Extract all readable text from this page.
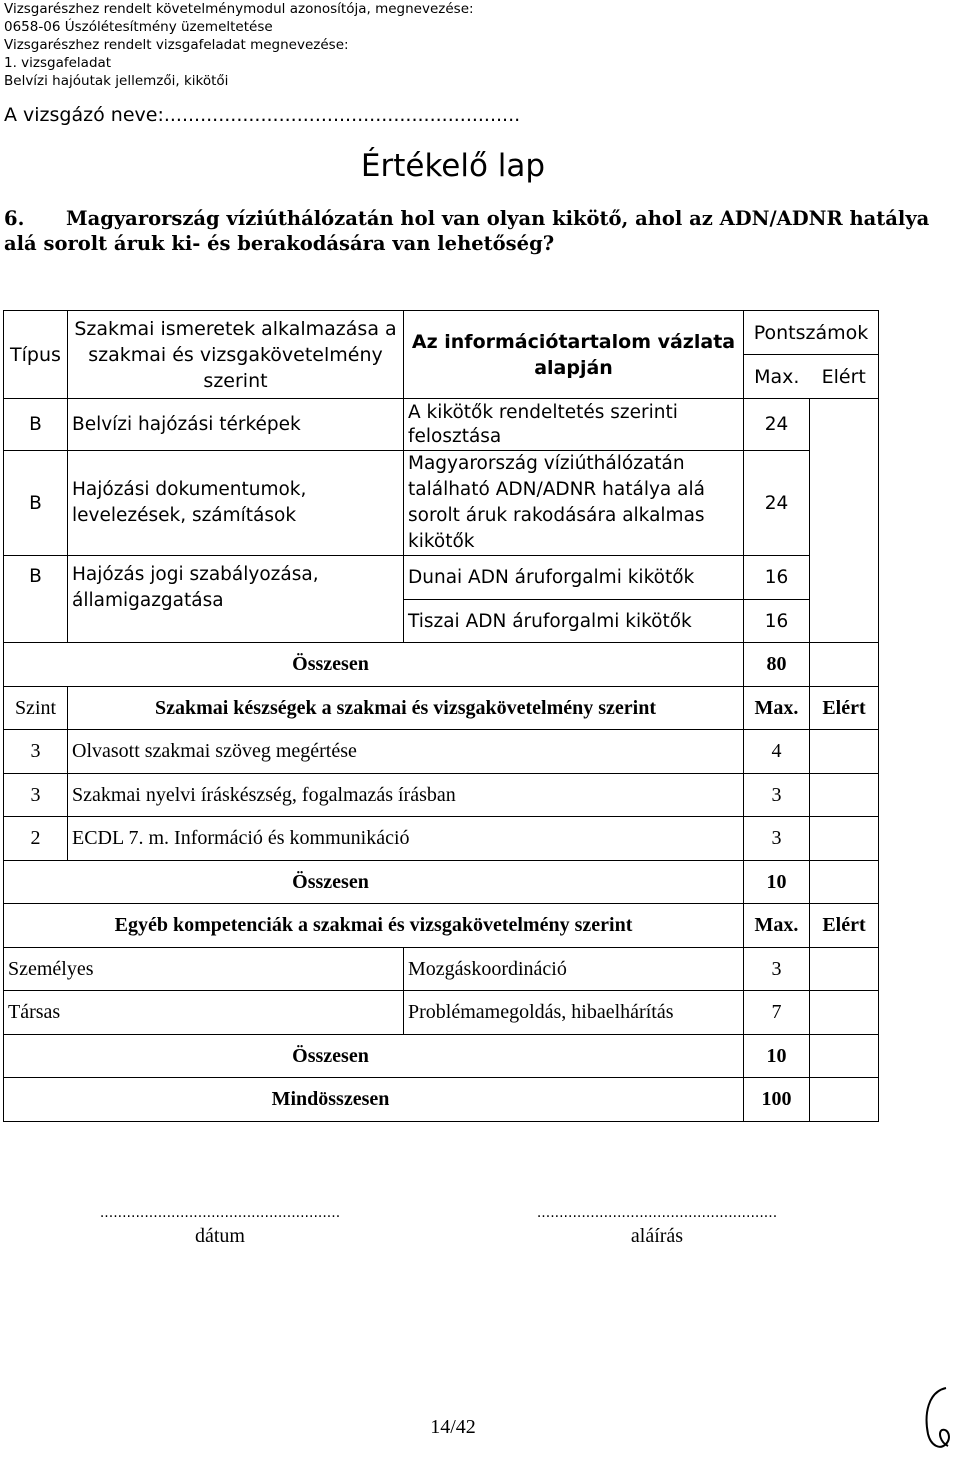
Vizsgarészhez rendelt követelménymodul azonosítója, megnevezése:
0658-06 Úszólétesítmény üzemeltetése
Vizsgarészhez rendelt vizsgafeladat megnevezése:
1. vizsgafeladat
Belvízi hajóutak jellemzői, kikötői
A vizsgázó neve:...........................................................
Értékelő lap
6. Magyarország víziúthálózatán hol van olyan kikötő, ahol az ADN/ADNR hatálya alá sorolt áruk ki- és berakodására van lehetőség?
Típus	Szakmai ismeretek alkalmazása a szakmai és vizsgakövetelmény szerint	Az információtartalom vázlata alapján	Pontszámok	
			Max.	Elért
B	Belvízi hajózási térképek	A kikötők rendeltetés szerinti felosztása	24	
B	Hajózási dokumentumok, levelezések, számítások	Magyarország víziúthálózatán található ADN/ADNR hatálya alá sorolt áruk rakodására alkalmas kikötők	24	
B	Hajózás jogi szabályozása, államigazgatása	Dunai ADN áruforgalmi kikötők	16	
		Tiszai ADN áruforgalmi kikötők	16	
Összesen			80	
Szint	Szakmai készségek a szakmai és vizsgakövetelmény szerint		Max.	Elért
3	Olvasott szakmai szöveg megértése		4	
3	Szakmai nyelvi íráskészség, fogalmazás írásban		3	
2	ECDL 7. m. Információ és kommunikáció		3	
Összesen			10	
Egyéb kompetenciák a szakmai és vizsgakövetelmény szerint			Max.	Elért
Személyes		Mozgáskoordináció	3	
Társas		Problémamegoldás, hibaelhárítás	7	
Összesen			10	
Mindösszesen			100	
......................................................
dátum
......................................................
aláírás
14/42
